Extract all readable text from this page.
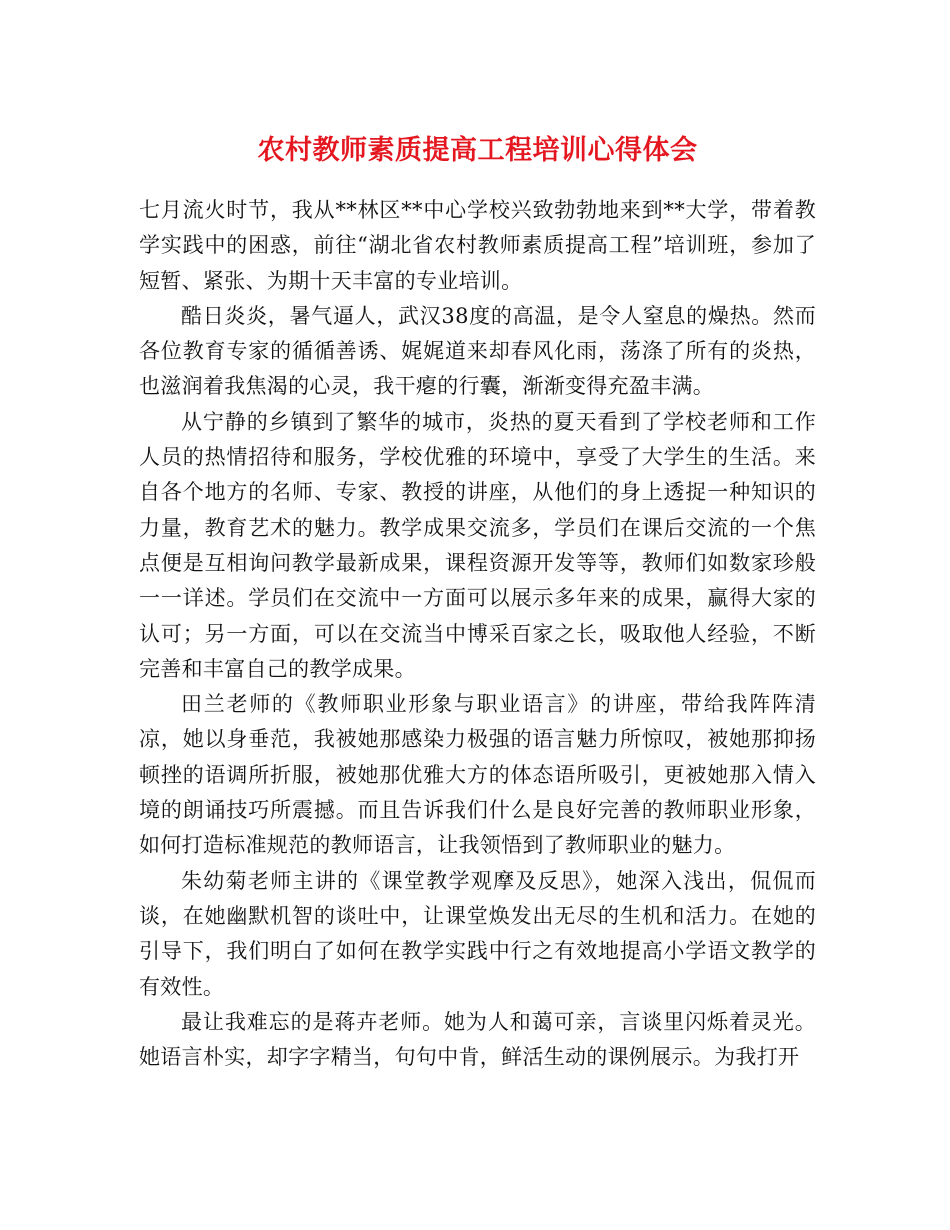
农村教师素质提高工程培训心得体会

七月流火时节，我从**林区**中心学校兴致勃勃地来到**大学，带着教学实践中的困惑，前往“湖北省农村教师素质提高工程”培训班，参加了短暂、紧张、为期十天丰富的专业培训。

酷日炎炎，暑气逼人，武汉38度的高温，是令人窒息的燥热。然而各位教育专家的循循善诱、娓娓道来却春风化雨，荡涤了所有的炎热，也滋润着我焦渴的心灵，我干瘪的行囊，渐渐变得充盈丰满。

从宁静的乡镇到了繁华的城市，炎热的夏天看到了学校老师和工作人员的热情招待和服务，学校优雅的环境中，享受了大学生的生活。来自各个地方的名师、专家、教授的讲座，从他们的身上透捉一种知识的力量，教育艺术的魅力。教学成果交流多，学员们在课后交流的一个焦点便是互相询问教学最新成果，课程资源开发等等，教师们如数家珍般一一详述。学员们在交流中一方面可以展示多年来的成果，赢得大家的认可；另一方面，可以在交流当中博采百家之长，吸取他人经验，不断完善和丰富自己的教学成果。

田兰老师的《教师职业形象与职业语言》的讲座，带给我阵阵清凉，她以身垂范，我被她那感染力极强的语言魅力所惊叹，被她那抑扬顿挫的语调所折服，被她那优雅大方的体态语所吸引，更被她那入情入境的朗诵技巧所震撼。而且告诉我们什么是良好完善的教师职业形象，如何打造标准规范的教师语言，让我领悟到了教师职业的魅力。

朱幼菊老师主讲的《课堂教学观摩及反思》，她深入浅出，侃侃而谈，在她幽默机智的谈吐中，让课堂焕发出无尽的生机和活力。在她的引导下，我们明白了如何在教学实践中行之有效地提高小学语文教学的有效性。

最让我难忘的是蒋卉老师。她为人和蔼可亲，言谈里闪烁着灵光。她语言朴实，却字字精当，句句中肯，鲜活生动的课例展示。为我打开
